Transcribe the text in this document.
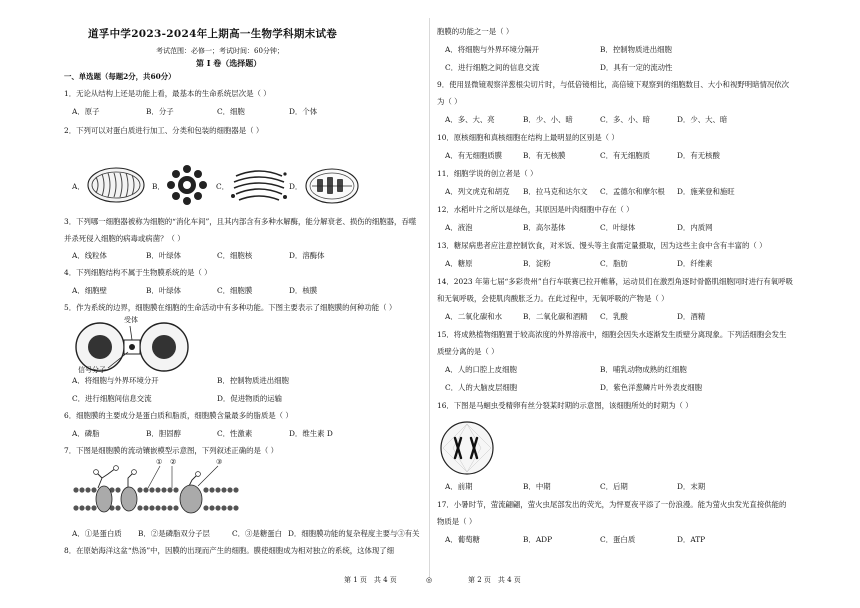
道孚中学2023-2024年上期高一生物学科期末试卷
考试范围：必修一；考试时间：60分钟；
第 I 卷（选择题）
一、单选题（每题2分，共60分）
1．无论从结构上还是功能上看，最基本的生命系统层次是（ ）
A．原子	B．分子	C．细胞	D．个体
2．下列可以对蛋白质进行加工、分类和包装的细胞器是（ ）
A．	B．	C．	D．
3．下列哪一细胞器被称为细胞的“消化车间”，且其内部含有多种水解酶，能分解衰老、损伤的细胞器，吞噬
并杀死侵入细胞的病毒或病菌？（ ）
A．线粒体	B．叶绿体	C．细胞核	D．溶酶体
4．下列细胞结构不属于生物膜系统的是（ ）
A．细胞壁	B．叶绿体	C．细胞膜	D．核膜
5．作为系统的边界，细胞膜在细胞的生命活动中有多种功能。下图主要表示了细胞膜的何种功能（ ）
受体
信号分子
A．将细胞与外界环境分开	B．控制物质进出细胞
C．进行细胞间信息交流	D．促进物质的运输
6．细胞膜的主要成分是蛋白质和脂质，细胞膜含量最多的脂质是（ ）
A．磷脂	B．胆固醇	C．性激素	D．维生素 D
7．下图是细胞膜的流动镶嵌模型示意图，下列叙述正确的是（ ）
① ②	③
A．①是蛋白质 B．②是磷脂双分子层	C．③是糖蛋白 D．细胞膜功能的复杂程度主要与③有关
8．在原始海洋这盆“热汤”中，因膜的出现而产生的细胞。膜使细胞成为相对独立的系统，这体现了细
胞膜的功能之一是（ ）
A．将细胞与外界环境分隔开	B．控制物质进出细胞
C．进行细胞之间的信息交流	D．具有一定的流动性
9．使用显微镜观察洋葱根尖切片时，与低倍镜相比，高倍镜下观察到的细胞数目、大小和视野明暗情况依次
为（ ）
A．多、大、亮	B．少、小、暗	C．多、小、暗	D．少、大、暗
10．原核细胞和真核细胞在结构上最明显的区别是（ ）
A．有无细胞质膜	B．有无核膜	C．有无细胞质	D．有无核酸
11．细胞学说的创立者是（ ）
A．列文虎克和胡克 B．拉马克和达尔文 C．孟德尔和摩尔根 D．施莱登和施旺
12．水稻叶片之所以是绿色，其原因是叶肉细胞中存在（ ）
A．液泡	B．高尔基体	C．叶绿体	D．内质网
13．糖尿病患者应注意控制饮食，对米饭、馒头等主食需定量摄取，因为这些主食中含有丰富的（ ）
A．糖原	B．淀粉	C．脂肪	D．纤维素
14．2023 年第七届“多彩贵州”自行车联赛已拉开帷幕，运动员们在激烈角逐时骨骼肌细胞同时进行有氧呼吸
和无氧呼吸，会使肌肉酸胀乏力。在此过程中，无氧呼吸的产物是（ ）
A．二氧化碳和水	B．二氧化碳和酒精 C．乳酸	D．酒精
15．将成熟植物细胞置于较高浓度的外界溶液中，细胞会因失水逐渐发生质壁分离现象。下列活细胞会发生
质壁分离的是（ ）
A．人的口腔上皮细胞	B．哺乳动物成熟的红细胞
C．人的大脑皮层细胞	D．紫色洋葱鳞片叶外表皮细胞
16．下图是马蛔虫受精卵有丝分裂某时期的示意图，该细胞所处的时期为（ ）
A．前期	B．中期	C．后期	D．末期
17．小暑时节，萤流翩翩，萤火虫尾部发出的荧光，为怦夏夜平添了一份浪漫。能为萤火虫发光直接供能的
物质是（ ）
A．葡萄糖	B．ADP	C．蛋白质	D．ATP
第 1 页　共 4 页	◎	第 2 页　共 4 页
